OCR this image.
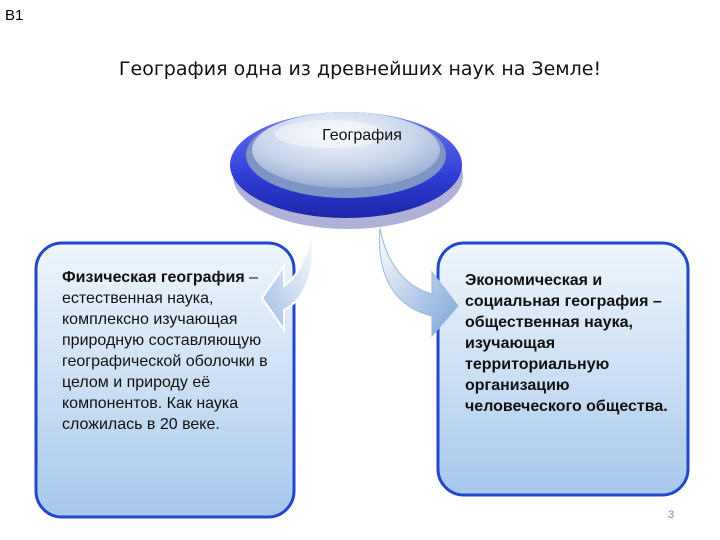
В1
География одна из древнейших наук на Земле!
География
Физическая география – естественная наука, комплексно изучающая природную составляющую географической оболочки в целом и природу её компонентов. Как наука сложилась в 20 веке.
Экономическая и социальная география – общественная наука, изучающая территориальную организацию человеческого общества.
3
